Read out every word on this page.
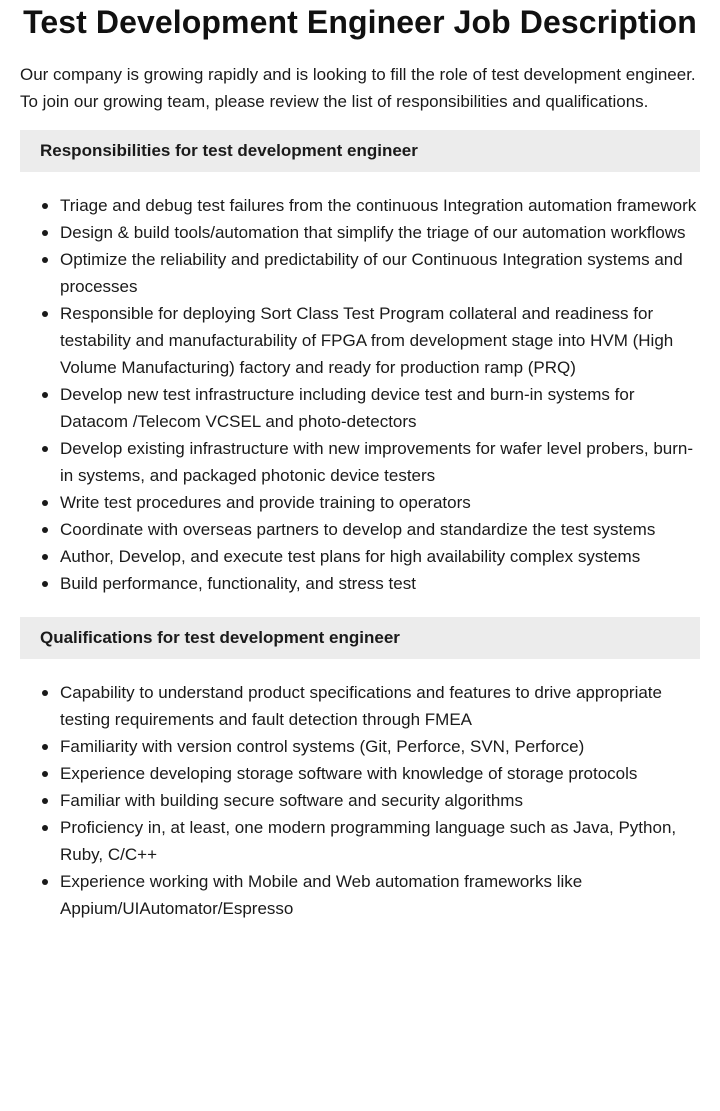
Test Development Engineer Job Description

Our company is growing rapidly and is looking to fill the role of test development engineer. To join our growing team, please review the list of responsibilities and qualifications.

Responsibilities for test development engineer
Triage and debug test failures from the continuous Integration automation framework
Design & build tools/automation that simplify the triage of our automation workflows
Optimize the reliability and predictability of our Continuous Integration systems and processes
Responsible for deploying Sort Class Test Program collateral and readiness for testability and manufacturability of FPGA from development stage into HVM (High Volume Manufacturing) factory and ready for production ramp (PRQ)
Develop new test infrastructure including device test and burn-in systems for Datacom /Telecom VCSEL and photo-detectors
Develop existing infrastructure with new improvements for wafer level probers, burn-in systems, and packaged photonic device testers
Write test procedures and provide training to operators
Coordinate with overseas partners to develop and standardize the test systems
Author, Develop, and execute test plans for high availability complex systems
Build performance, functionality, and stress test
Qualifications for test development engineer
Capability to understand product specifications and features to drive appropriate testing requirements and fault detection through FMEA
Familiarity with version control systems (Git, Perforce, SVN, Perforce)
Experience developing storage software with knowledge of storage protocols
Familiar with building secure software and security algorithms
Proficiency in, at least, one modern programming language such as Java, Python, Ruby, C/C++
Experience working with Mobile and Web automation frameworks like Appium/UIAutomator/Espresso
